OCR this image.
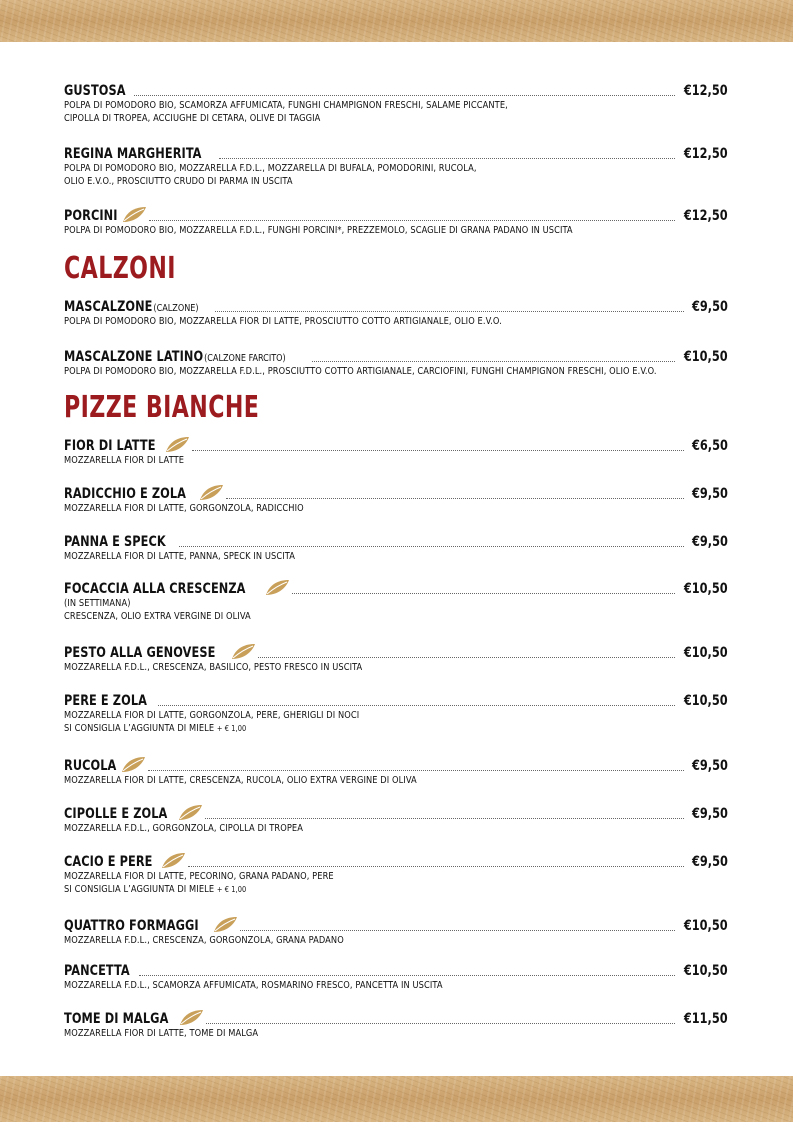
GUSTOSA	€12,50
POLPA DI POMODORO BIO, SCAMORZA AFFUMICATA, FUNGHI CHAMPIGNON FRESCHI, SALAME PICCANTE,
CIPOLLA DI TROPEA, ACCIUGHE DI CETARA, OLIVE DI TAGGIA
REGINA MARGHERITA	€12,50
POLPA DI POMODORO BIO, MOZZARELLA F.D.L., MOZZARELLA DI BUFALA, POMODORINI, RUCOLA,
OLIO E.V.O., PROSCIUTTO CRUDO DI PARMA IN USCITA
PORCINI	€12,50
POLPA DI POMODORO BIO, MOZZARELLA F.D.L., FUNGHI PORCINI*, PREZZEMOLO, SCAGLIE DI GRANA PADANO IN USCITA
CALZONI
MASCALZONE(CALZONE)	€9,50
POLPA DI POMODORO BIO, MOZZARELLA FIOR DI LATTE, PROSCIUTTO COTTO ARTIGIANALE, OLIO E.V.O.
MASCALZONE LATINO(CALZONE FARCITO)	€10,50
POLPA DI POMODORO BIO, MOZZARELLA F.D.L., PROSCIUTTO COTTO ARTIGIANALE, CARCIOFINI, FUNGHI CHAMPIGNON FRESCHI, OLIO E.V.O.
PIZZE BIANCHE
FIOR DI LATTE	€6,50
MOZZARELLA FIOR DI LATTE
RADICCHIO E ZOLA	€9,50
MOZZARELLA FIOR DI LATTE, GORGONZOLA, RADICCHIO
PANNA E SPECK	€9,50
MOZZARELLA FIOR DI LATTE, PANNA, SPECK IN USCITA
FOCACCIA ALLA CRESCENZA	€10,50
(IN SETTIMANA)
CRESCENZA, OLIO EXTRA VERGINE DI OLIVA
PESTO ALLA GENOVESE	€10,50
MOZZARELLA F.D.L., CRESCENZA, BASILICO, PESTO FRESCO IN USCITA
PERE E ZOLA	€10,50
MOZZARELLA FIOR DI LATTE, GORGONZOLA, PERE, GHERIGLI DI NOCI
SI CONSIGLIA L’AGGIUNTA DI MIELE + € 1,00
RUCOLA	€9,50
MOZZARELLA FIOR DI LATTE, CRESCENZA, RUCOLA, OLIO EXTRA VERGINE DI OLIVA
CIPOLLE E ZOLA	€9,50
MOZZARELLA F.D.L., GORGONZOLA, CIPOLLA DI TROPEA
CACIO E PERE	€9,50
MOZZARELLA FIOR DI LATTE, PECORINO, GRANA PADANO, PERE
SI CONSIGLIA L’AGGIUNTA DI MIELE + € 1,00
QUATTRO FORMAGGI	€10,50
MOZZARELLA F.D.L., CRESCENZA, GORGONZOLA, GRANA PADANO
PANCETTA	€10,50
MOZZARELLA F.D.L., SCAMORZA AFFUMICATA, ROSMARINO FRESCO, PANCETTA IN USCITA
TOME DI MALGA	€11,50
MOZZARELLA FIOR DI LATTE, TOME DI MALGA
